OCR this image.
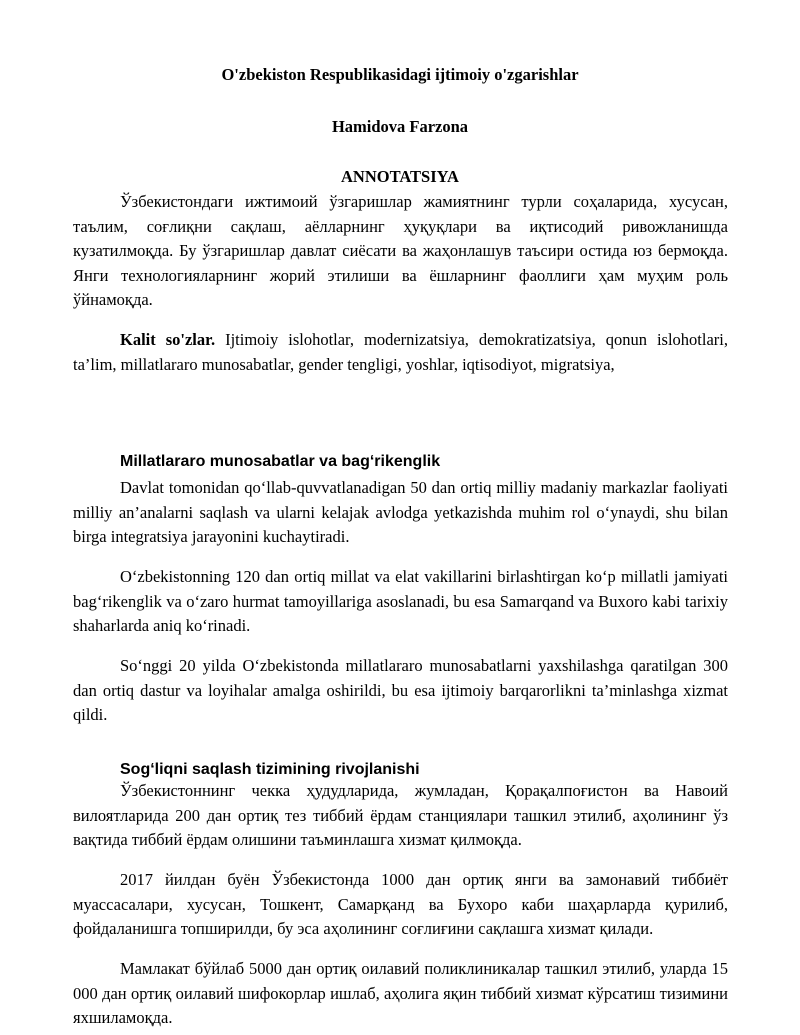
O'zbekiston Respublikasidagi ijtimoiy o'zgarishlar
Hamidova Farzona
ANNOTATSIYA
Ўзбекистондаги ижтимоий ўзгаришлар жамиятнинг турли соҳаларида, хусусан, таълим, соғлиқни сақлаш, аёлларнинг ҳуқуқлари ва иқтисодий ривожланишда кузатилмоқда. Бу ўзгаришлар давлат сиёсати ва жаҳонлашув таъсири остида юз бермоқда. Янги технологияларнинг жорий этилиши ва ёшларнинг фаоллиги ҳам муҳим роль ўйнамоқда.
Kalit so'zlar. Ijtimoiy islohotlar, modernizatsiya, demokratizatsiya, qonun islohotlari, ta’lim, millatlararo munosabatlar, gender tengligi, yoshlar, iqtisodiyot, migratsiya,
Millatlararo munosabatlar va bag‘rikenglik
Davlat tomonidan qo‘llab-quvvatlanadigan 50 dan ortiq milliy madaniy markazlar faoliyati milliy an’analarni saqlash va ularni kelajak avlodga yetkazishda muhim rol o‘ynaydi, shu bilan birga integratsiya jarayonini kuchaytiradi.
O‘zbekistonning 120 dan ortiq millat va elat vakillarini birlashtirgan ko‘p millatli jamiyati bag‘rikenglik va o‘zaro hurmat tamoyillariga asoslanadi, bu esa Samarqand va Buxoro kabi tarixiy shaharlarda aniq ko‘rinadi.
So‘nggi 20 yilda O‘zbekistonda millatlararo munosabatlarni yaxshilashga qaratilgan 300 dan ortiq dastur va loyihalar amalga oshirildi, bu esa ijtimoiy barqarorlikni ta’minlashga xizmat qildi.
Sog‘liqni saqlash tizimining rivojlanishi
Ўзбекистоннинг чекка ҳудудларида, жумладан, Қорақалпоғистон ва Навоий вилоятларида 200 дан ортиқ тез тиббий ёрдам станциялари ташкил этилиб, аҳолининг ўз вақтида тиббий ёрдам олишини таъминлашга хизмат қилмоқда.
2017 йилдан буён Ўзбекистонда 1000 дан ортиқ янги ва замонавий тиббиёт муассасалари, хусусан, Тошкент, Самарқанд ва Бухоро каби шаҳарларда қурилиб, фойдаланишга топширилди, бу эса аҳолининг соғлиғини сақлашга хизмат қилади.
Мамлакат бўйлаб 5000 дан ортиқ оилавий поликлиникалар ташкил этилиб, уларда 15 000 дан ортиқ оилавий шифокорлар ишлаб, аҳолига яқин тиббий хизмат кўрсатиш тизимини яхшиламоқда.
